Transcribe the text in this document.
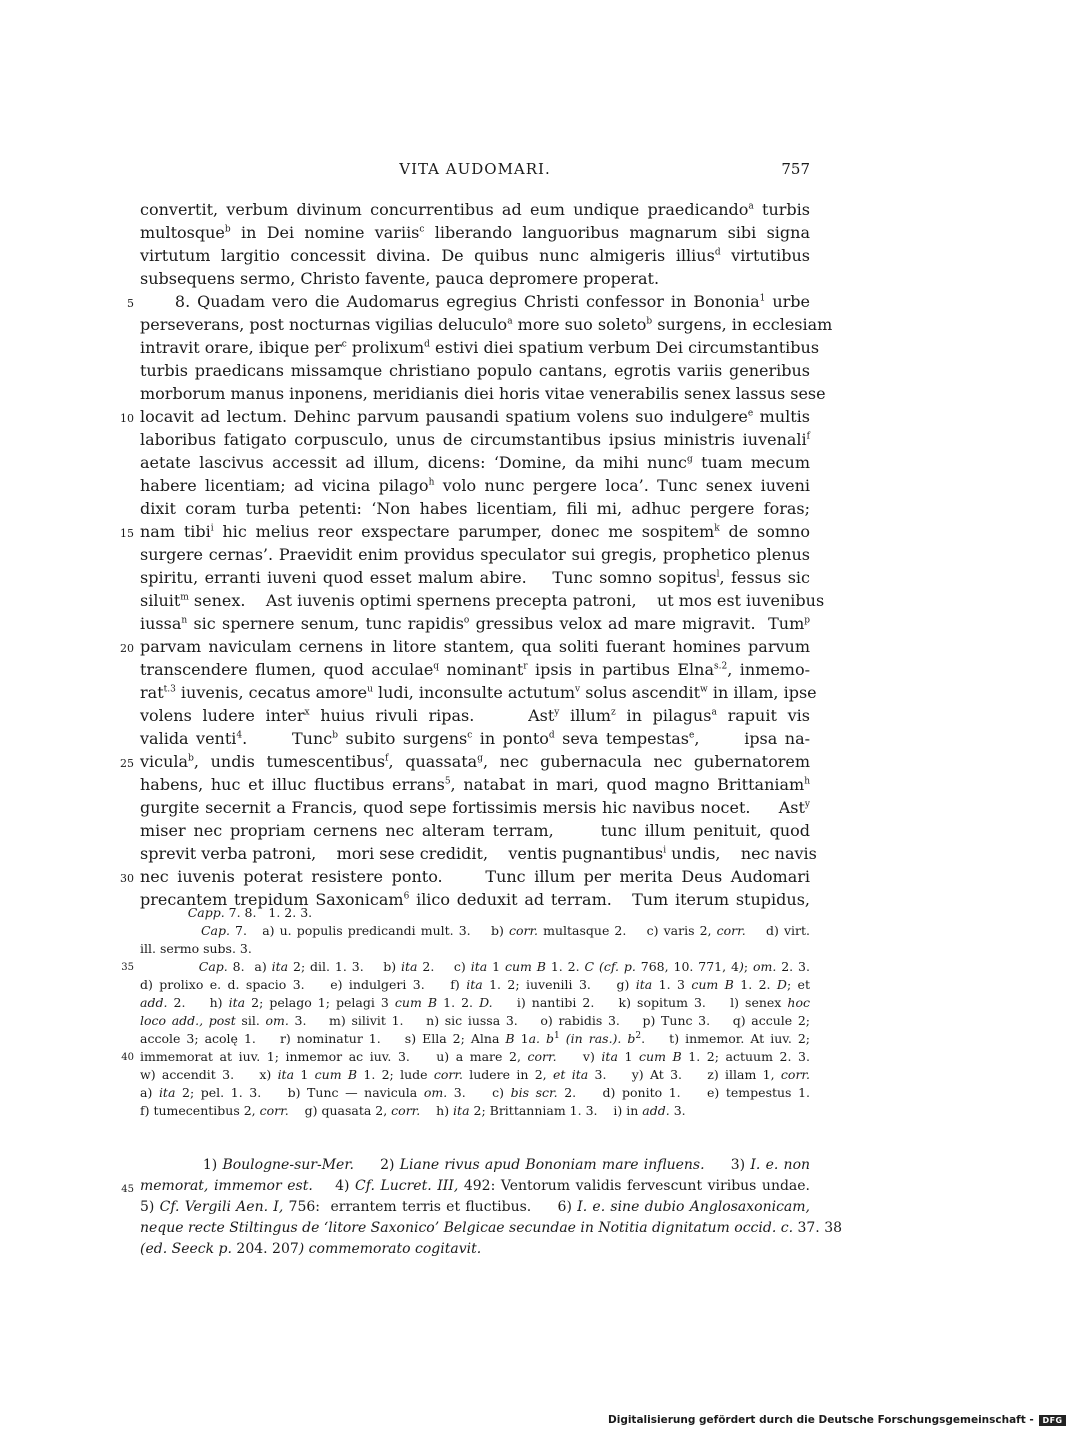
VITA AUDOMARI.	757
convertit, verbum divinum concurrentibus ad eum undique praedicando$^a$ turbis
multosque$^b$ in Dei nomine variis$^c$ liberando languoribus magnarum sibi signa
virtutum largitio concessit divina. De quibus nunc almigeris illius$^d$ virtutibus
subsequens sermo, Christo favente, pauca depromere properat.
5 8. Quadam vero die Audomarus egregius Christi confessor in Bononia$^1$ urbe
perseverans, post nocturnas vigilias deluculo$^a$ more suo soleto$^b$ surgens, in ecclesiam
intravit orare, ibique per$^c$ prolixum$^d$ estivi diei spatium verbum Dei circumstantibus
turbis praedicans missamque christiano populo cantans, egrotis variis generibus
morborum manus inponens, meridianis diei horis vitae venerabilis senex lassus sese
10 locavit ad lectum. Dehinc parvum pausandi spatium volens suo indulgere$^e$ multis
laboribus fatigato corpusculo, unus de circumstantibus ipsius ministris iuvenali$^f$
aetate lascivus accessit ad illum, dicens: ‘Domine, da mihi nunc$^g$ tuam mecum
habere licentiam; ad vicina pilago$^h$ volo nunc pergere loca’. Tunc senex iuveni
dixit coram turba petenti: ‘Non habes licentiam, fili mi, adhuc pergere foras;
15 nam tibi$^i$ hic melius reor exspectare parumper, donec me sospitem$^k$ de somno
surgere cernas’. Praevidit enim providus speculator sui gregis, prophetico plenus
spiritu, erranti iuveni quod esset malum abire.    Tunc somno sopitus$^l$, fessus sic
siluit$^m$ senex.    Ast iuvenis optimi spernens precepta patroni,    ut mos est iuvenibus
iussa$^n$ sic spernere senum, tunc rapidis$^o$ gressibus velox ad mare migravit.  Tum$^p$
20 parvam naviculam cernens in litore stantem, qua soliti fuerant homines parvum
transcendere flumen, quod acculae$^q$ nominant$^r$ ipsis in partibus Elna$^{s.2}$, inmemo-
rat$^{t.3}$ iuvenis, cecatus amore$^u$ ludi, inconsulte actutum$^v$ solus ascendit$^w$ in illam, ipse
volens ludere inter$^x$ huius rivuli ripas.     Ast$^y$ illum$^z$ in pilagus$^a$ rapuit vis
valida venti$^4$.      Tunc$^b$ subito surgens$^c$ in ponto$^d$ seva tempestas$^e$,      ipsa na-
25 vicula$^b$, undis tumescentibus$^f$, quassata$^g$, nec gubernacula nec gubernatorem
habens, huc et illuc fluctibus errans$^5$, natabat in mari, quod magno Brittaniam$^h$
gurgite secernit a Francis, quod sepe fortissimis mersis hic navibus nocet.     Ast$^y$
miser nec propriam cernens nec alteram terram,      tunc illum penituit, quod
sprevit verba patroni,    mori sese credidit,    ventis pugnantibus$^i$ undis,    nec navis
30 nec iuvenis poterat resistere ponto.     Tunc illum per merita Deus Audomari
precantem trepidum Saxonicam$^6$ ilico deduxit ad terram.   Tum iterum stupidus,
Capp. 7. 8.   1. 2. 3.
Cap. 7.   a) u. populis predicandi mult. 3.    b) corr. multasque 2.    c) varis 2, corr.    d) virt.
ill. sermo subs. 3.
35	Cap. 8.  a) ita 2; dil. 1. 3.    b) ita 2.    c) ita 1 cum B 1. 2. C (cf. p. 768, 10. 771, 4); om. 2. 3.
d) prolixo e. d. spacio 3.    e) indulgeri 3.    f) ita 1. 2; iuvenili 3.    g) ita 1. 3 cum B 1. 2. D; et
add. 2.    h) ita 2; pelago 1; pelagi 3 cum B 1. 2. D.    i) nantibi 2.    k) sopitum 3.    l) senex hoc
loco add., post sil. om. 3.    m) silivit 1.    n) sic iussa 3.    o) rabidis 3.    p) Tunc 3.    q) accule 2;
accole 3; acolę 1.    r) nominatur 1.    s) Ella 2; Alna B 1a. $b^1$ (in ras.). $b^2$.    t) inmemor. At iuv. 2;
40 immemorat at iuv. 1; inmemor ac iuv. 3.    u) a mare 2, corr.    v) ita 1 cum B 1. 2; actuum 2. 3.
w) accendit 3.    x) ita 1 cum B 1. 2; lude corr. ludere in 2, et ita 3.    y) At 3.    z) illam 1, corr.
a) ita 2; pel. 1. 3.    b) Tunc — navicula om. 3.    c) bis scr. 2.    d) ponito 1.    e) tempestus 1.
f) tumecentibus 2, corr.    g) quasata 2, corr.    h) ita 2; Brittanniam 1. 3.    i) in add. 3.
1) Boulogne-sur-Mer.     2) Liane rivus apud Bononiam mare influens.     3) I. e. non
45 memorat, immemor est.    4) Cf. Lucret. III, 492: Ventorum validis fervescunt viribus undae.
5) Cf. Vergili Aen. I, 756:  errantem terris et fluctibus.     6) I. e. sine dubio Anglosaxonicam,
neque recte Stiltingus de ‘litore Saxonico’ Belgicae secundae in Notitia dignitatum occid. c. 37. 38
(ed. Seeck p. 204. 207) commemorato cogitavit.
Digitalisierung gefördert durch die Deutsche Forschungsgemeinschaft - DFG
